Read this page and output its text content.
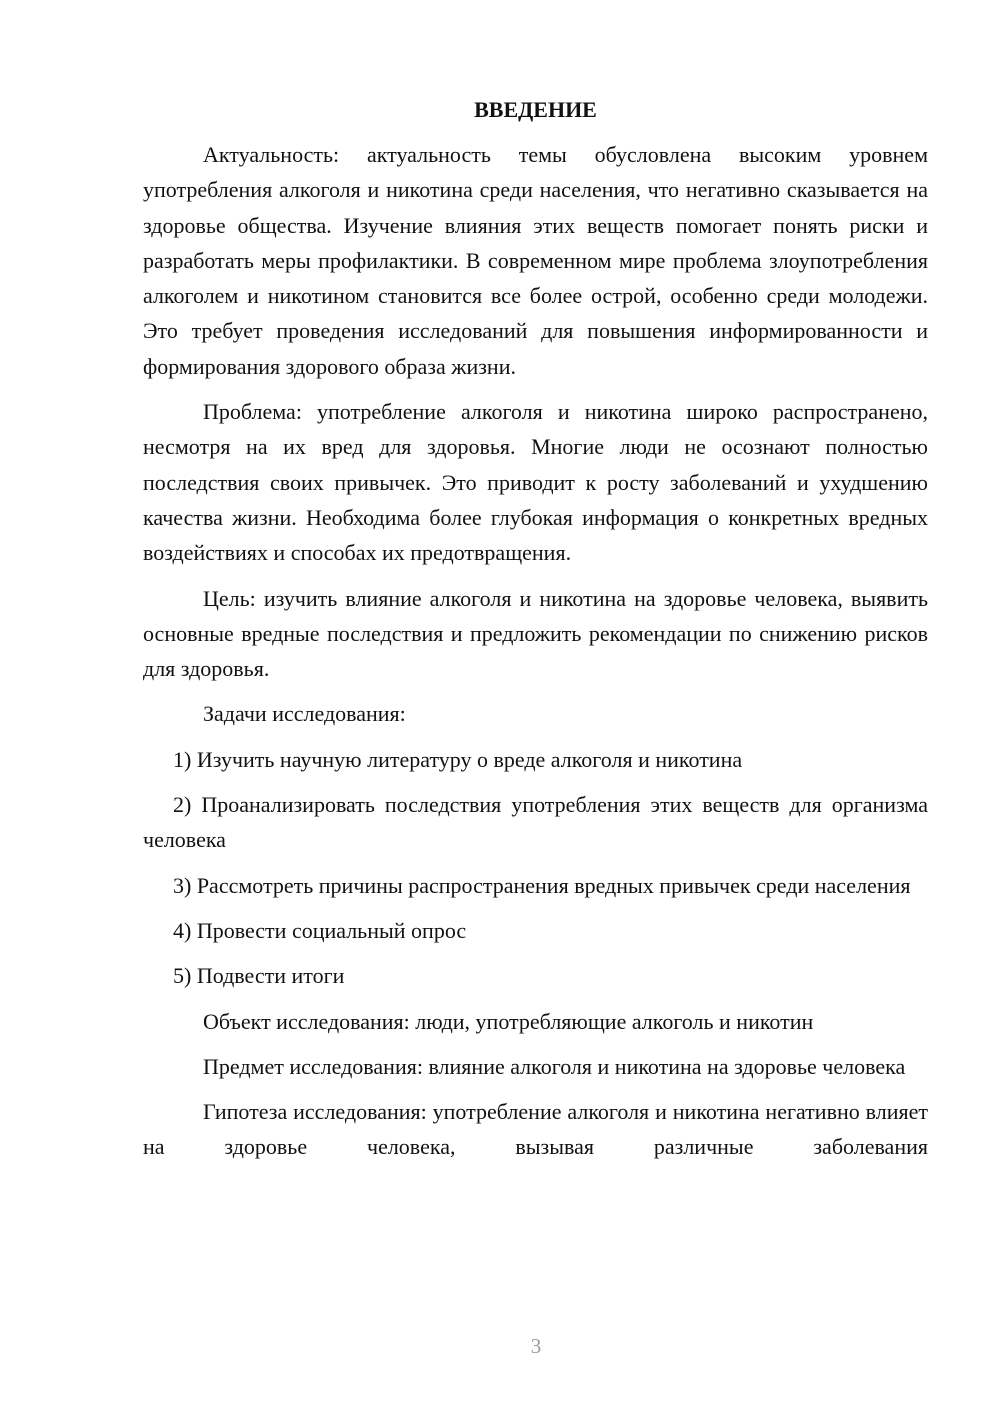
ВВЕДЕНИЕ

Актуальность: актуальность темы обусловлена высоким уровнем употребления алкоголя и никотина среди населения, что негативно сказывается на здоровье общества. Изучение влияния этих веществ помогает понять риски и разработать меры профилактики. В современном мире проблема злоупотребления алкоголем и никотином становится все более острой, особенно среди молодежи. Это требует проведения исследований для повышения информированности и формирования здорового образа жизни.

Проблема: употребление алкоголя и никотина широко распространено, несмотря на их вред для здоровья. Многие люди не осознают полностью последствия своих привычек. Это приводит к росту заболеваний и ухудшению качества жизни. Необходима более глубокая информация о конкретных вредных воздействиях и способах их предотвращения.

Цель: изучить влияние алкоголя и никотина на здоровье человека, выявить основные вредные последствия и предложить рекомендации по снижению рисков для здоровья.

Задачи исследования:

1) Изучить научную литературу о вреде алкоголя и никотина

2) Проанализировать последствия употребления этих веществ для организма человека

3) Рассмотреть причины распространения вредных привычек среди населения

4) Провести социальный опрос

5) Подвести итоги

Объект исследования: люди, употребляющие алкоголь и никотин

Предмет исследования: влияние алкоголя и никотина на здоровье человека

Гипотеза исследования: употребление алкоголя и никотина негативно влияет на здоровье человека, вызывая различные заболевания

3
